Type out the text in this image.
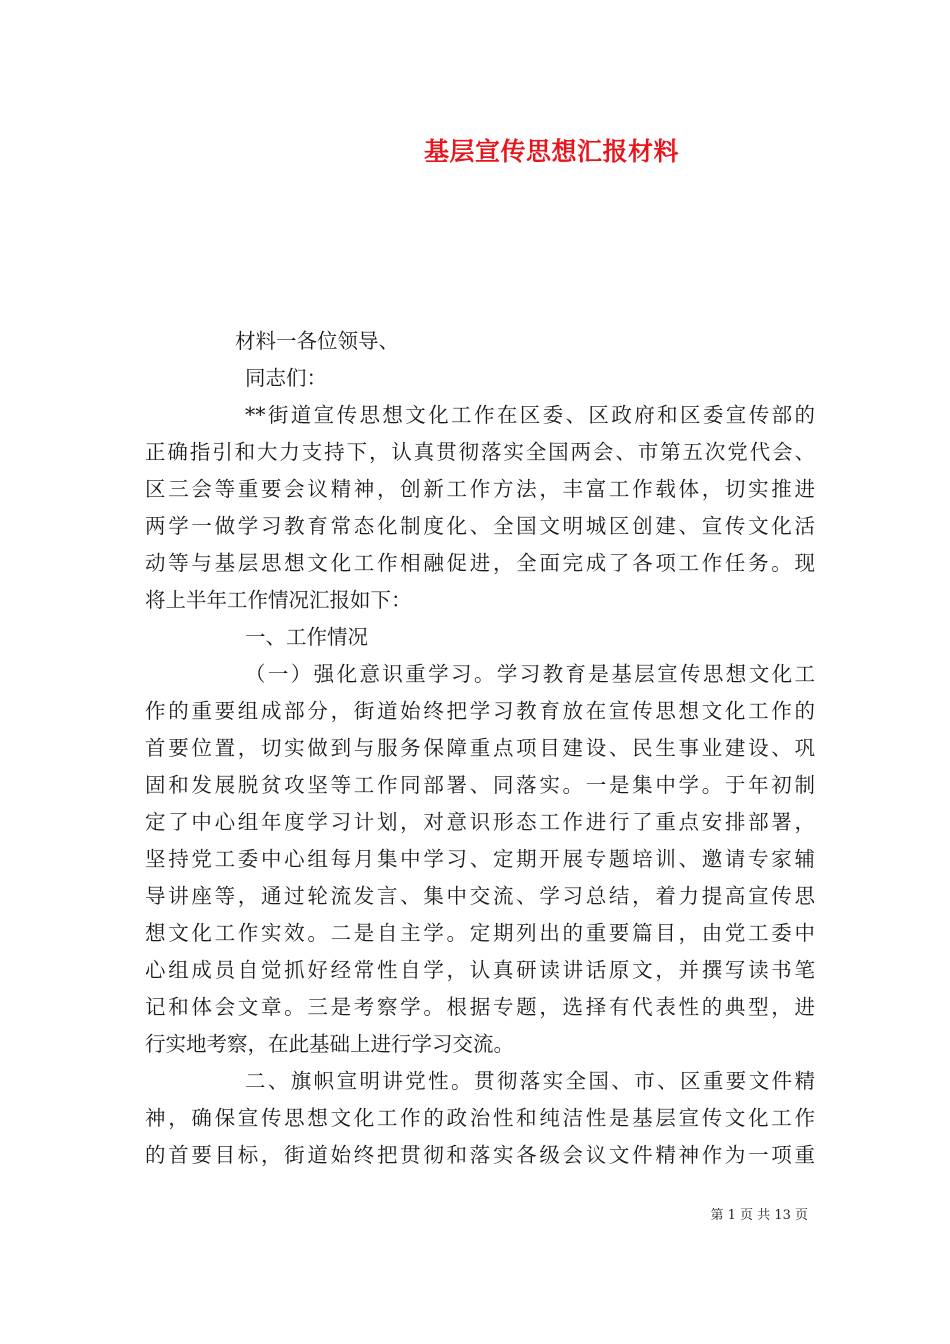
基层宣传思想汇报材料
材料一各位领导、
同志们：
**街道宣传思想文化工作在区委、区政府和区委宣传部的
正确指引和大力支持下，认真贯彻落实全国两会、市第五次党代会、
区三会等重要会议精神，创新工作方法，丰富工作载体，切实推进
两学一做学习教育常态化制度化、全国文明城区创建、宣传文化活
动等与基层思想文化工作相融促进，全面完成了各项工作任务。现
将上半年工作情况汇报如下：
一、工作情况
（一）强化意识重学习。学习教育是基层宣传思想文化工
作的重要组成部分，街道始终把学习教育放在宣传思想文化工作的
首要位置，切实做到与服务保障重点项目建设、民生事业建设、巩
固和发展脱贫攻坚等工作同部署、同落实。一是集中学。于年初制
定了中心组年度学习计划，对意识形态工作进行了重点安排部署，
坚持党工委中心组每月集中学习、定期开展专题培训、邀请专家辅
导讲座等，通过轮流发言、集中交流、学习总结，着力提高宣传思
想文化工作实效。二是自主学。定期列出的重要篇目，由党工委中
心组成员自觉抓好经常性自学，认真研读讲话原文，并撰写读书笔
记和体会文章。三是考察学。根据专题，选择有代表性的典型，进
行实地考察，在此基础上进行学习交流。
二、旗帜宣明讲党性。贯彻落实全国、市、区重要文件精
神，确保宣传思想文化工作的政治性和纯洁性是基层宣传文化工作
的首要目标，街道始终把贯彻和落实各级会议文件精神作为一项重
第 1 页 共 13 页
